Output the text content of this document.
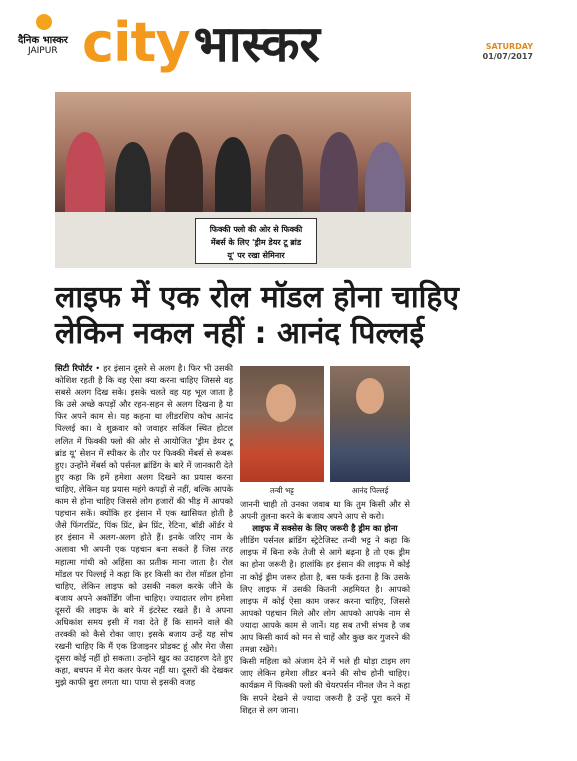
दैनिक भास्कर
JAIPUR cityभास्कर	SATURDAY
01/07/2017
फिक्की फ्लो की ओर से फिक्की
मेंबर्स के लिए 'ड्रीम डेयर टू ब्रांड
यू' पर रखा सेमिनार
लाइफ में एक रोल मॉडल होना चाहिए
लेकिन नकल नहीं : आनंद पिल्लई

सिटी रिपोर्टर • हर इंसान दूसरे से अलग है। फिर भी उसकी कोशिश रहती है कि वह ऐसा क्या करना चाहिए जिससे वह सबसे अलग दिख सके। इसके चलते वह यह भूल जाता है कि उसे अच्छे कपड़ों और रहन-सहन से अलग दिखना है या फिर अपने काम से। यह कहना था लीडरशिप कोच आनंद पिल्लई का। वे शुक्रवार को जवाहर सर्किल स्थित होटल ललित में फिक्की फ्लो की ओर से आयोजित 'ड्रीम डेयर टू ब्रांड यू' सेशन में स्पीकर के तौर पर फिक्की मेंबर्स से रूबरू हुए। उन्होंने मेंबर्स को पर्सनल ब्रांडिंग के बारे में जानकारी देते हुए कहा कि हमें हमेशा अलग दिखने का प्रयास करना चाहिए, लेकिन यह प्रयास महंगे कपड़ों से नहीं, बल्कि आपके काम से होना चाहिए जिससे लोग हजारों की भीड़ में आपको पहचान सकें। क्योंकि हर इंसान में एक खासियत होती है जैसे फिंगरप्रिंट, पिंक प्रिंट, ब्रेन प्रिंट, रेटिना, बॉडी ऑर्डर ये हर इंसान में अलग-अलग होते हैं। इनके जरिए नाम के अलावा भी अपनी एक पहचान बना सकते हैं जिस तरह महात्मा गांधी को अहिंसा का प्रतीक माना जाता है। रोल मॉडल पर पिल्लई ने कहा कि हर किसी का रोल मॉडल होना चाहिए, लेकिन लाइफ को उसकी नकल करके जीने के बजाय अपने अकॉर्डिंग जीना चाहिए। ज्यादातर लोग हमेशा दूसरों की लाइफ के बारे में इंटरेस्ट रखते हैं। वे अपना अधिकांश समय इसी में गवा देते हैं कि सामने वाले की तरक्की को कैसे रोका जाए। इसके बजाय उन्हें यह सोच रखनी चाहिए कि मैं एक डिजाइनर प्रोडक्ट हूं और मेरा जैसा दूसरा कोई नहीं हो सकता। उन्होंने खुद का उदाहरण देते हुए कहा, बचपन में मेरा कलर फेयर नहीं था। दूसरों की देखकर मुझे काफी बुरा लगता था। पापा से इसकी वजह

तन्वी भट्ट	आनंद पिल्लई

जाननी चाही तो उनका जवाब था कि तुम किसी और से अपनी तुलना करने के बजाय अपने आप से करो।

लाइफ में सक्सेस के लिए जरूरी है ड्रीम का होना

लीडिंग पर्सनल ब्रांडिंग स्ट्रेटेजिस्ट तन्वी भट्ट ने कहा कि लाइफ में बिना रुके तेजी से आगे बढ़ना है तो एक ड्रीम का होना जरूरी है। हालांकि हर इंसान की लाइफ में कोई ना कोई ड्रीम जरूर होता है, बस फर्क इतना है कि उसके लिए लाइफ में उसकी कितनी अहमियत है। आपको लाइफ में कोई ऐसा काम जरूर करना चाहिए, जिससे आपको पहचान मिले और लोग आपको आपके नाम से ज्यादा आपके काम से जानें। यह सब तभी संभव है जब आप किसी कार्य को मन से चाहें और कुछ कर गुजरने की तमन्ना रखेंगे।

किसी महिला को अंजाम देने में भले ही थोड़ा टाइम लग जाए लेकिन हमेशा लीडर बनने की सोच होनी चाहिए। कार्यक्रम में फिक्की फ्लो की चेयरपर्सन मीनल जैन ने कहा कि सपने देखने से ज्यादा जरूरी है उन्हें पूरा करने में शिद्दत से लग जाना।
